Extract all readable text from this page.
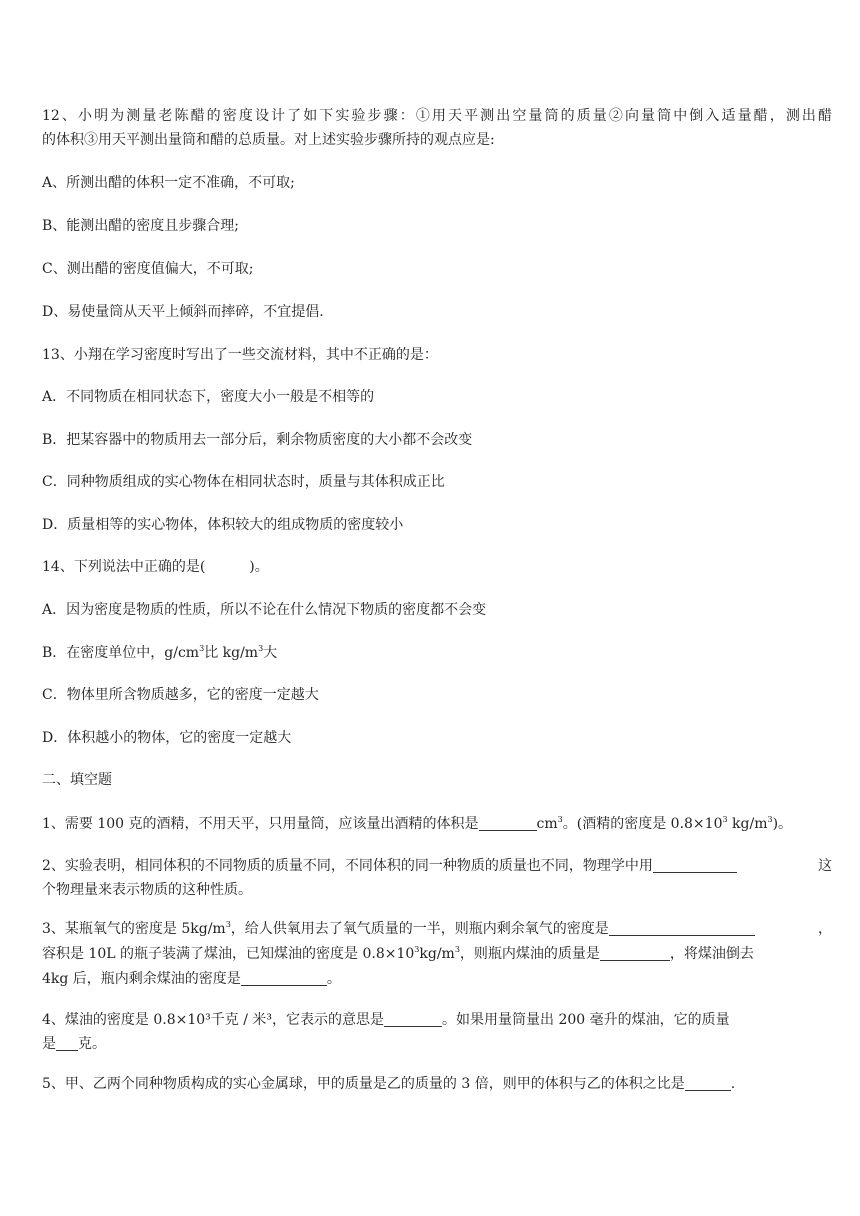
12、小明为测量老陈醋的密度设计了如下实验步骤：①用天平测出空量筒的质量②向量筒中倒入适量醋，测出醋
的体积③用天平测出量筒和醋的总质量。对上述实验步骤所持的观点应是:
A、所测出醋的体积一定不准确，不可取;
B、能测出醋的密度且步骤合理;
C、测出醋的密度值偏大，不可取;
D、易使量筒从天平上倾斜而摔碎，不宜提倡.
13、小翔在学习密度时写出了一些交流材料，其中不正确的是：
A．不同物质在相同状态下，密度大小一般是不相等的
B．把某容器中的物质用去一部分后，剩余物质密度的大小都不会改变
C．同种物质组成的实心物体在相同状态时，质量与其体积成正比
D．质量相等的实心物体，体积较大的组成物质的密度较小
14、下列说法中正确的是(	)。
A．因为密度是物质的性质，所以不论在什么情况下物质的密度都不会变
B．在密度单位中，$g/cm^3$比 $kg/m^3$大
C．物体里所含物质越多，它的密度一定越大
D．体积越小的物体，它的密度一定越大
二、填空题
1、需要 100 克的酒精，不用天平，只用量筒，应该量出酒精的体积是	$cm^3$。(酒精的密度是 $0.8\times 10^3$ $kg/m^3$)。
2、实验表明，相同体积的不同物质的质量不同，不同体积的同一种物质的质量也不同，物理学中用	这
个物理量来表示物质的这种性质。
3、某瓶氧气的密度是 $5kg/m^3$，给人供氧用去了氧气质量的一半，则瓶内剩余氧气的密度是	，
容积是 10L 的瓶子装满了煤油，已知煤油的密度是 $0.8\times 10^3kg/m^3$，则瓶内煤油的质量是	，将煤油倒去
4kg 后，瓶内剩余煤油的密度是	。
4、煤油的密度是 0.8×10³千克 / 米³，它表示的意思是	。如果用量筒量出 200 毫升的煤油，它的质量
是 克。
5、甲、乙两个同种物质构成的实心金属球，甲的质量是乙的质量的 3 倍，则甲的体积与乙的体积之比是	.
